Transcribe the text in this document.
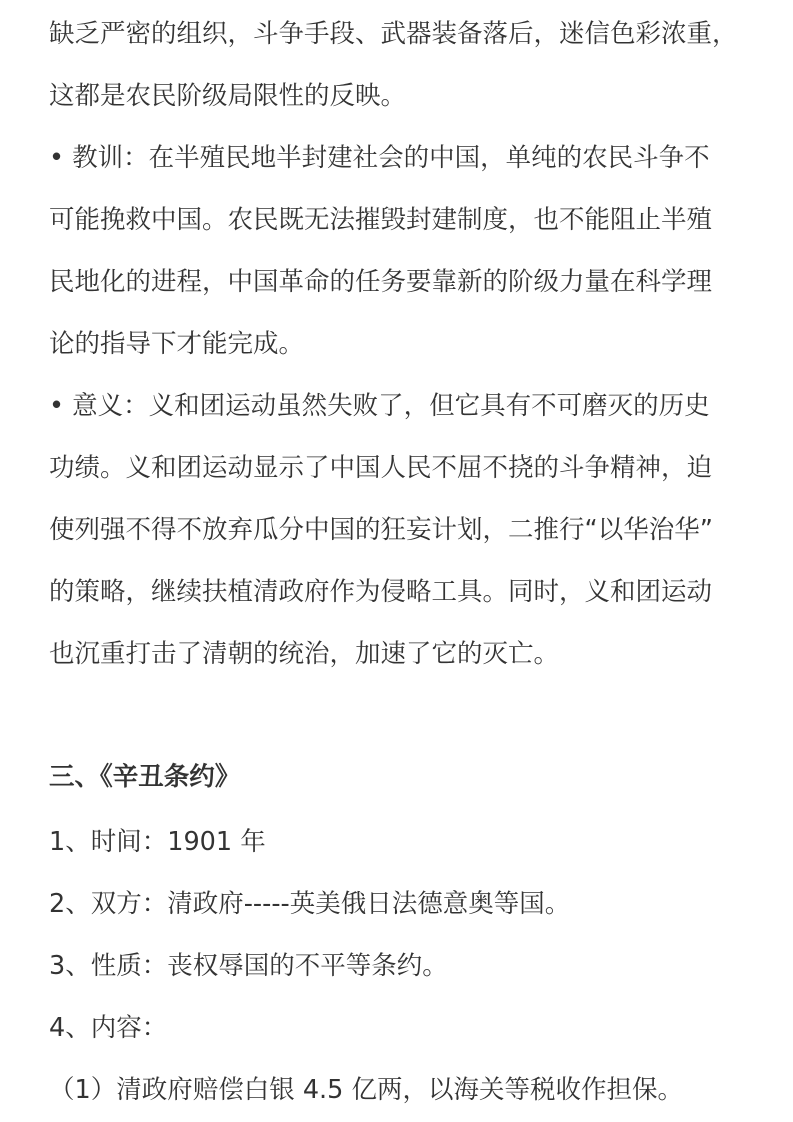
缺乏严密的组织，斗争手段、武器装备落后，迷信色彩浓重，
这都是农民阶级局限性的反映。
• 教训：在半殖民地半封建社会的中国，单纯的农民斗争不
可能挽救中国。农民既无法摧毁封建制度，也不能阻止半殖
民地化的进程，中国革命的任务要靠新的阶级力量在科学理
论的指导下才能完成。
• 意义：义和团运动虽然失败了，但它具有不可磨灭的历史
功绩。义和团运动显示了中国人民不屈不挠的斗争精神，迫
使列强不得不放弃瓜分中国的狂妄计划，二推行“以华治华”
的策略，继续扶植清政府作为侵略工具。同时，义和团运动
也沉重打击了清朝的统治，加速了它的灭亡。
三、《辛丑条约》
1、时间：1901 年
2、双方：清政府-----英美俄日法德意奥等国。
3、性质：丧权辱国的不平等条约。
4、内容：
（1）清政府赔偿白银 4.5 亿两，以海关等税收作担保。
